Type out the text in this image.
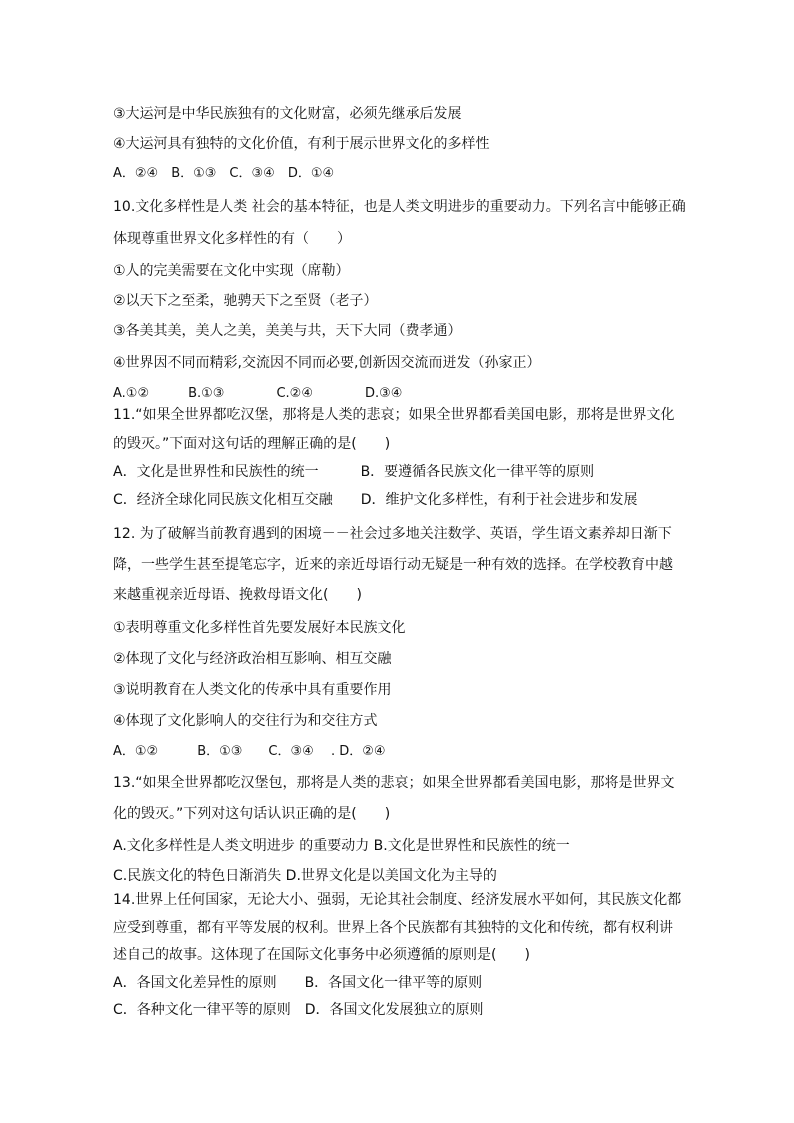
③大运河是中华民族独有的文化财富，必须先继承后发展
④大运河具有独特的文化价值，有利于展示世界文化的多样性
A．②④　B．①③　C．③④　D．①④
10.文化多样性是人类 社会的基本特征，也是人类文明进步的重要动力。下列名言中能够正确
体现尊重世界文化多样性的有（　　）
①人的完美需要在文化中实现（席勒）
②以天下之至柔，驰骋天下之至贤（老子）
③各美其美，美人之美，美美与共，天下大同（费孝通）
④世界因不同而精彩,交流因不同而必要,创新因交流而迸发（孙家正）
A.①②　　　B.①③　　　　C.②④　　　　D.③④
11.“如果全世界都吃汉堡，那将是人类的悲哀；如果全世界都看美国电影，那将是世界文化
的毁灭。”下面对这句话的理解正确的是(　　)
A．文化是世界性和民族性的统一　　　B．要遵循各民族文化一律平等的原则
C．经济全球化同民族文化相互交融　　D．维护文化多样性，有利于社会进步和发展
12. 为了破解当前教育遇到的困境－－社会过多地关注数学、英语，学生语文素养却日渐下
降，一些学生甚至提笔忘字，近来的亲近母语行动无疑是一种有效的选择。在学校教育中越
来越重视亲近母语、挽救母语文化(　　)
①表明尊重文化多样性首先要发展好本民族文化
②体现了文化与经济政治相互影响、相互交融
③说明教育在人类文化的传承中具有重要作用
④体现了文化影响人的交往行为和交往方式
A．①②　　　B．①③　　C．③④　 . D．②④
13.“如果全世界都吃汉堡包，那将是人类的悲哀；如果全世界都看美国电影，那将是世界文
化的毁灭。”下列对这句话认识正确的是(　　)
A.文化多样性是人类文明进步 的重要动力 B.文化是世界性和民族性的统一
C.民族文化的特色日渐消失 D.世界文化是以美国文化为主导的
14.世界上任何国家，无论大小、强弱，无论其社会制度、经济发展水平如何，其民族文化都
应受到尊重，都有平等发展的权利。世界上各个民族都有其独特的文化和传统，都有权利讲
述自己的故事。这体现了在国际文化事务中必须遵循的原则是(　　)
A．各国文化差异性的原则　　B．各国文化一律平等的原则
C．各种文化一律平等的原则　D．各国文化发展独立的原则
